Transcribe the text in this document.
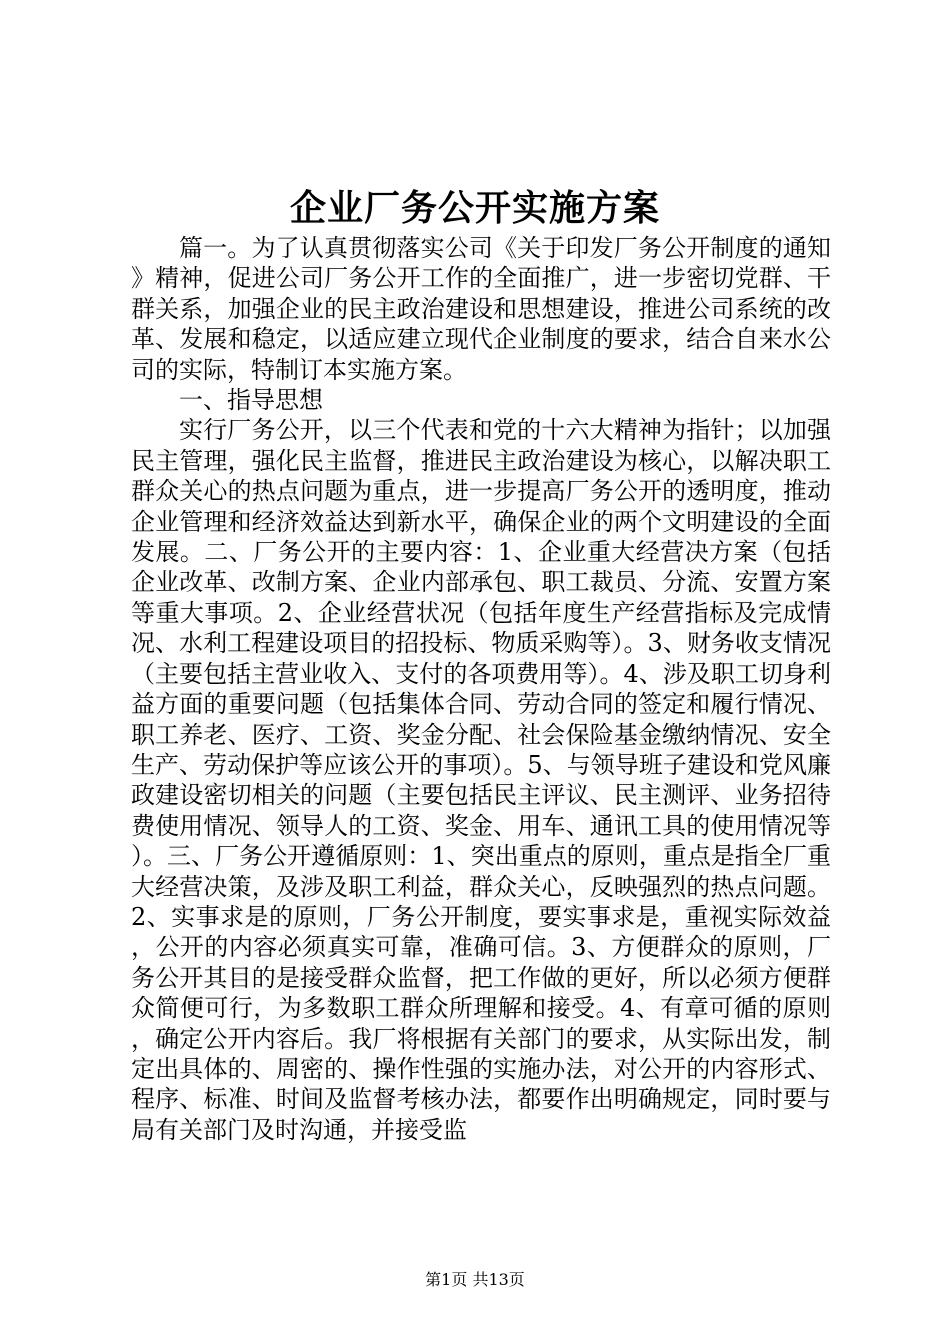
企业厂务公开实施方案

篇一。为了认真贯彻落实公司《关于印发厂务公开制度的通知》精神，促进公司厂务公开工作的全面推广，进一步密切党群、干群关系，加强企业的民主政治建设和思想建设，推进公司系统的改革、发展和稳定，以适应建立现代企业制度的要求，结合自来水公司的实际，特制订本实施方案。

一、指导思想

实行厂务公开，以三个代表和党的十六大精神为指针；以加强民主管理，强化民主监督，推进民主政治建设为核心，以解决职工群众关心的热点问题为重点，进一步提高厂务公开的透明度，推动企业管理和经济效益达到新水平，确保企业的两个文明建设的全面发展。二、厂务公开的主要内容：1、企业重大经营决方案（包括企业改革、改制方案、企业内部承包、职工裁员、分流、安置方案等重大事项。2、企业经营状况（包括年度生产经营指标及完成情况、水利工程建设项目的招投标、物质采购等）。3、财务收支情况（主要包括主营业收入、支付的各项费用等）。4、涉及职工切身利益方面的重要问题（包括集体合同、劳动合同的签定和履行情况、职工养老、医疗、工资、奖金分配、社会保险基金缴纳情况、安全生产、劳动保护等应该公开的事项）。5、与领导班子建设和党风廉政建设密切相关的问题（主要包括民主评议、民主测评、业务招待费使用情况、领导人的工资、奖金、用车、通讯工具的使用情况等）。三、厂务公开遵循原则：1、突出重点的原则，重点是指全厂重大经营决策，及涉及职工利益，群众关心，反映强烈的热点问题。2、实事求是的原则，厂务公开制度，要实事求是，重视实际效益，公开的内容必须真实可靠，准确可信。3、方便群众的原则，厂务公开其目的是接受群众监督，把工作做的更好，所以必须方便群众简便可行，为多数职工群众所理解和接受。4、有章可循的原则，确定公开内容后。我厂将根据有关部门的要求，从实际出发，制定出具体的、周密的、操作性强的实施办法，对公开的内容形式、程序、标准、时间及监督考核办法，都要作出明确规定，同时要与局有关部门及时沟通，并接受监

第1页 共13页
